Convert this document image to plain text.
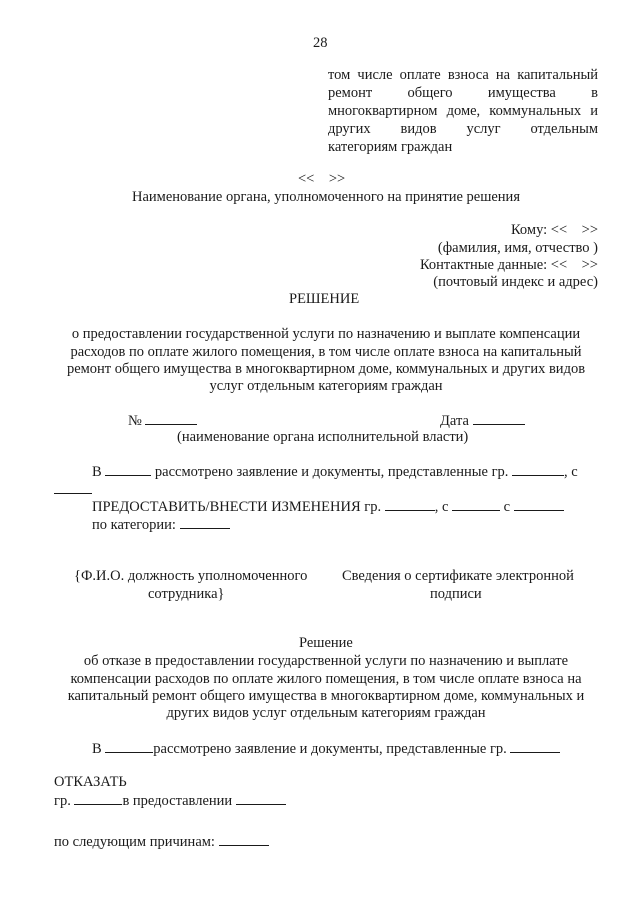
28
том числе оплате взноса на капитальный
ремонт общего имущества в
многоквартирном доме, коммунальных и
других видов услуг отдельным
категориям граждан
<<    >>
Наименование органа, уполномоченного на принятие решения
Кому: <<    >>
(фамилия, имя, отчество )
Контактные данные: <<    >>
(почтовый индекс и адрес)
РЕШЕНИЕ
о предоставлении государственной услуги по назначению и выплате компенсации
расходов по оплате жилого помещения, в том числе оплате взноса на капитальный
ремонт общего имущества в многоквартирном доме, коммунальных и других видов
услуг отдельным категориям граждан
№	Дата
(наименование органа исполнительной власти)
В	рассмотрено заявление и документы, представленные гр.	, с
ПРЕДОСТАВИТЬ/ВНЕСТИ ИЗМЕНЕНИЯ гр.	, с	с
по категории:
{Ф.И.О. должность уполномоченного
сотрудника}
Сведения о сертификате электронной
подписи
Решение
об отказе в предоставлении государственной услуги по назначению и выплате
компенсации расходов по оплате жилого помещения, в том числе оплате взноса на
капитальный ремонт общего имущества в многоквартирном доме, коммунальных и
других видов услуг отдельным категориям граждан
В	рассмотрено заявление и документы, представленные гр.
ОТКАЗАТЬ
гр.	в предоставлении
по следующим причинам:
